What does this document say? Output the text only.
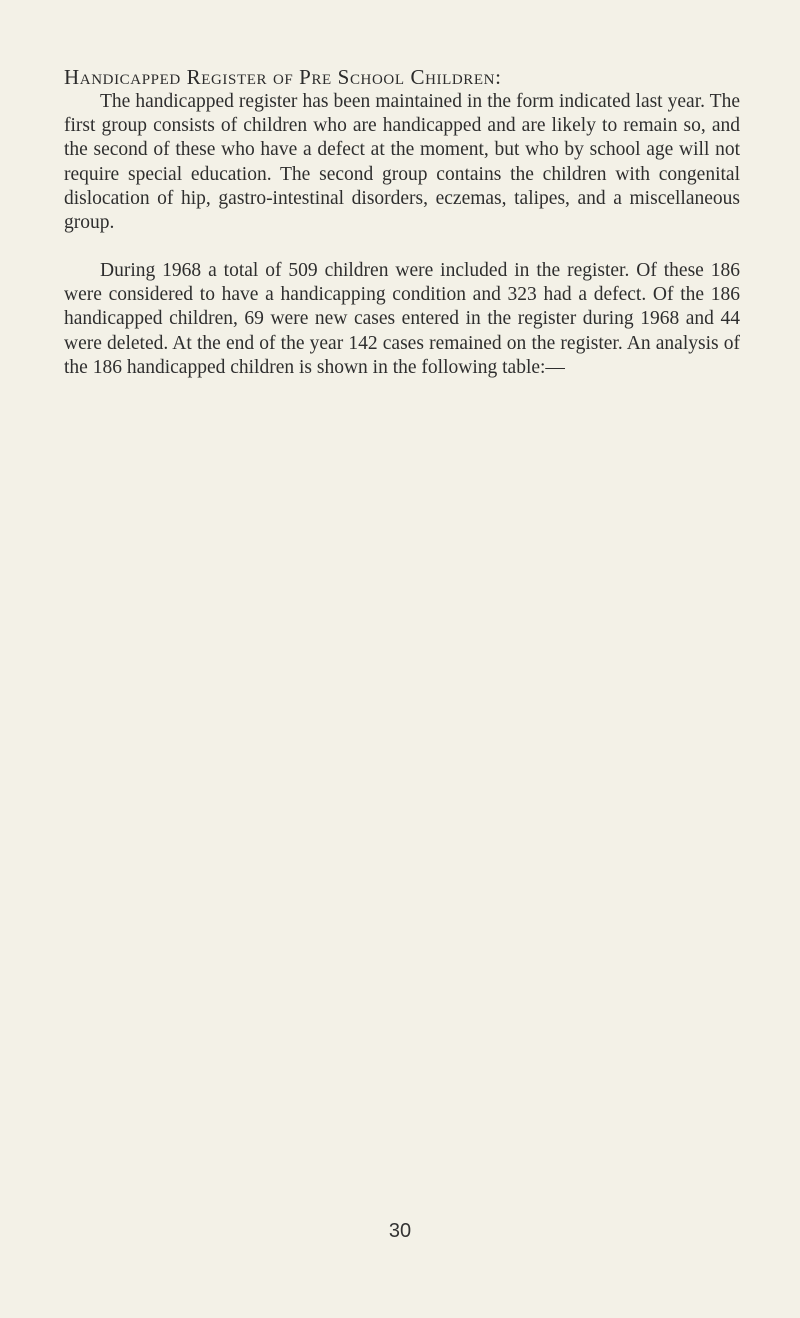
Handicapped Register of Pre School Children:

The handicapped register has been maintained in the form indicated last year. The first group consists of children who are handicapped and are likely to remain so, and the second of these who have a defect at the moment, but who by school age will not require special education. The second group contains the children with congenital dislocation of hip, gastro-intestinal disorders, eczemas, talipes, and a miscellaneous group.

During 1968 a total of 509 children were included in the register. Of these 186 were considered to have a handicapping condition and 323 had a defect. Of the 186 handicapped children, 69 were new cases entered in the register during 1968 and 44 were deleted. At the end of the year 142 cases remained on the register. An analysis of the 186 handicapped children is shown in the following table:—

30
